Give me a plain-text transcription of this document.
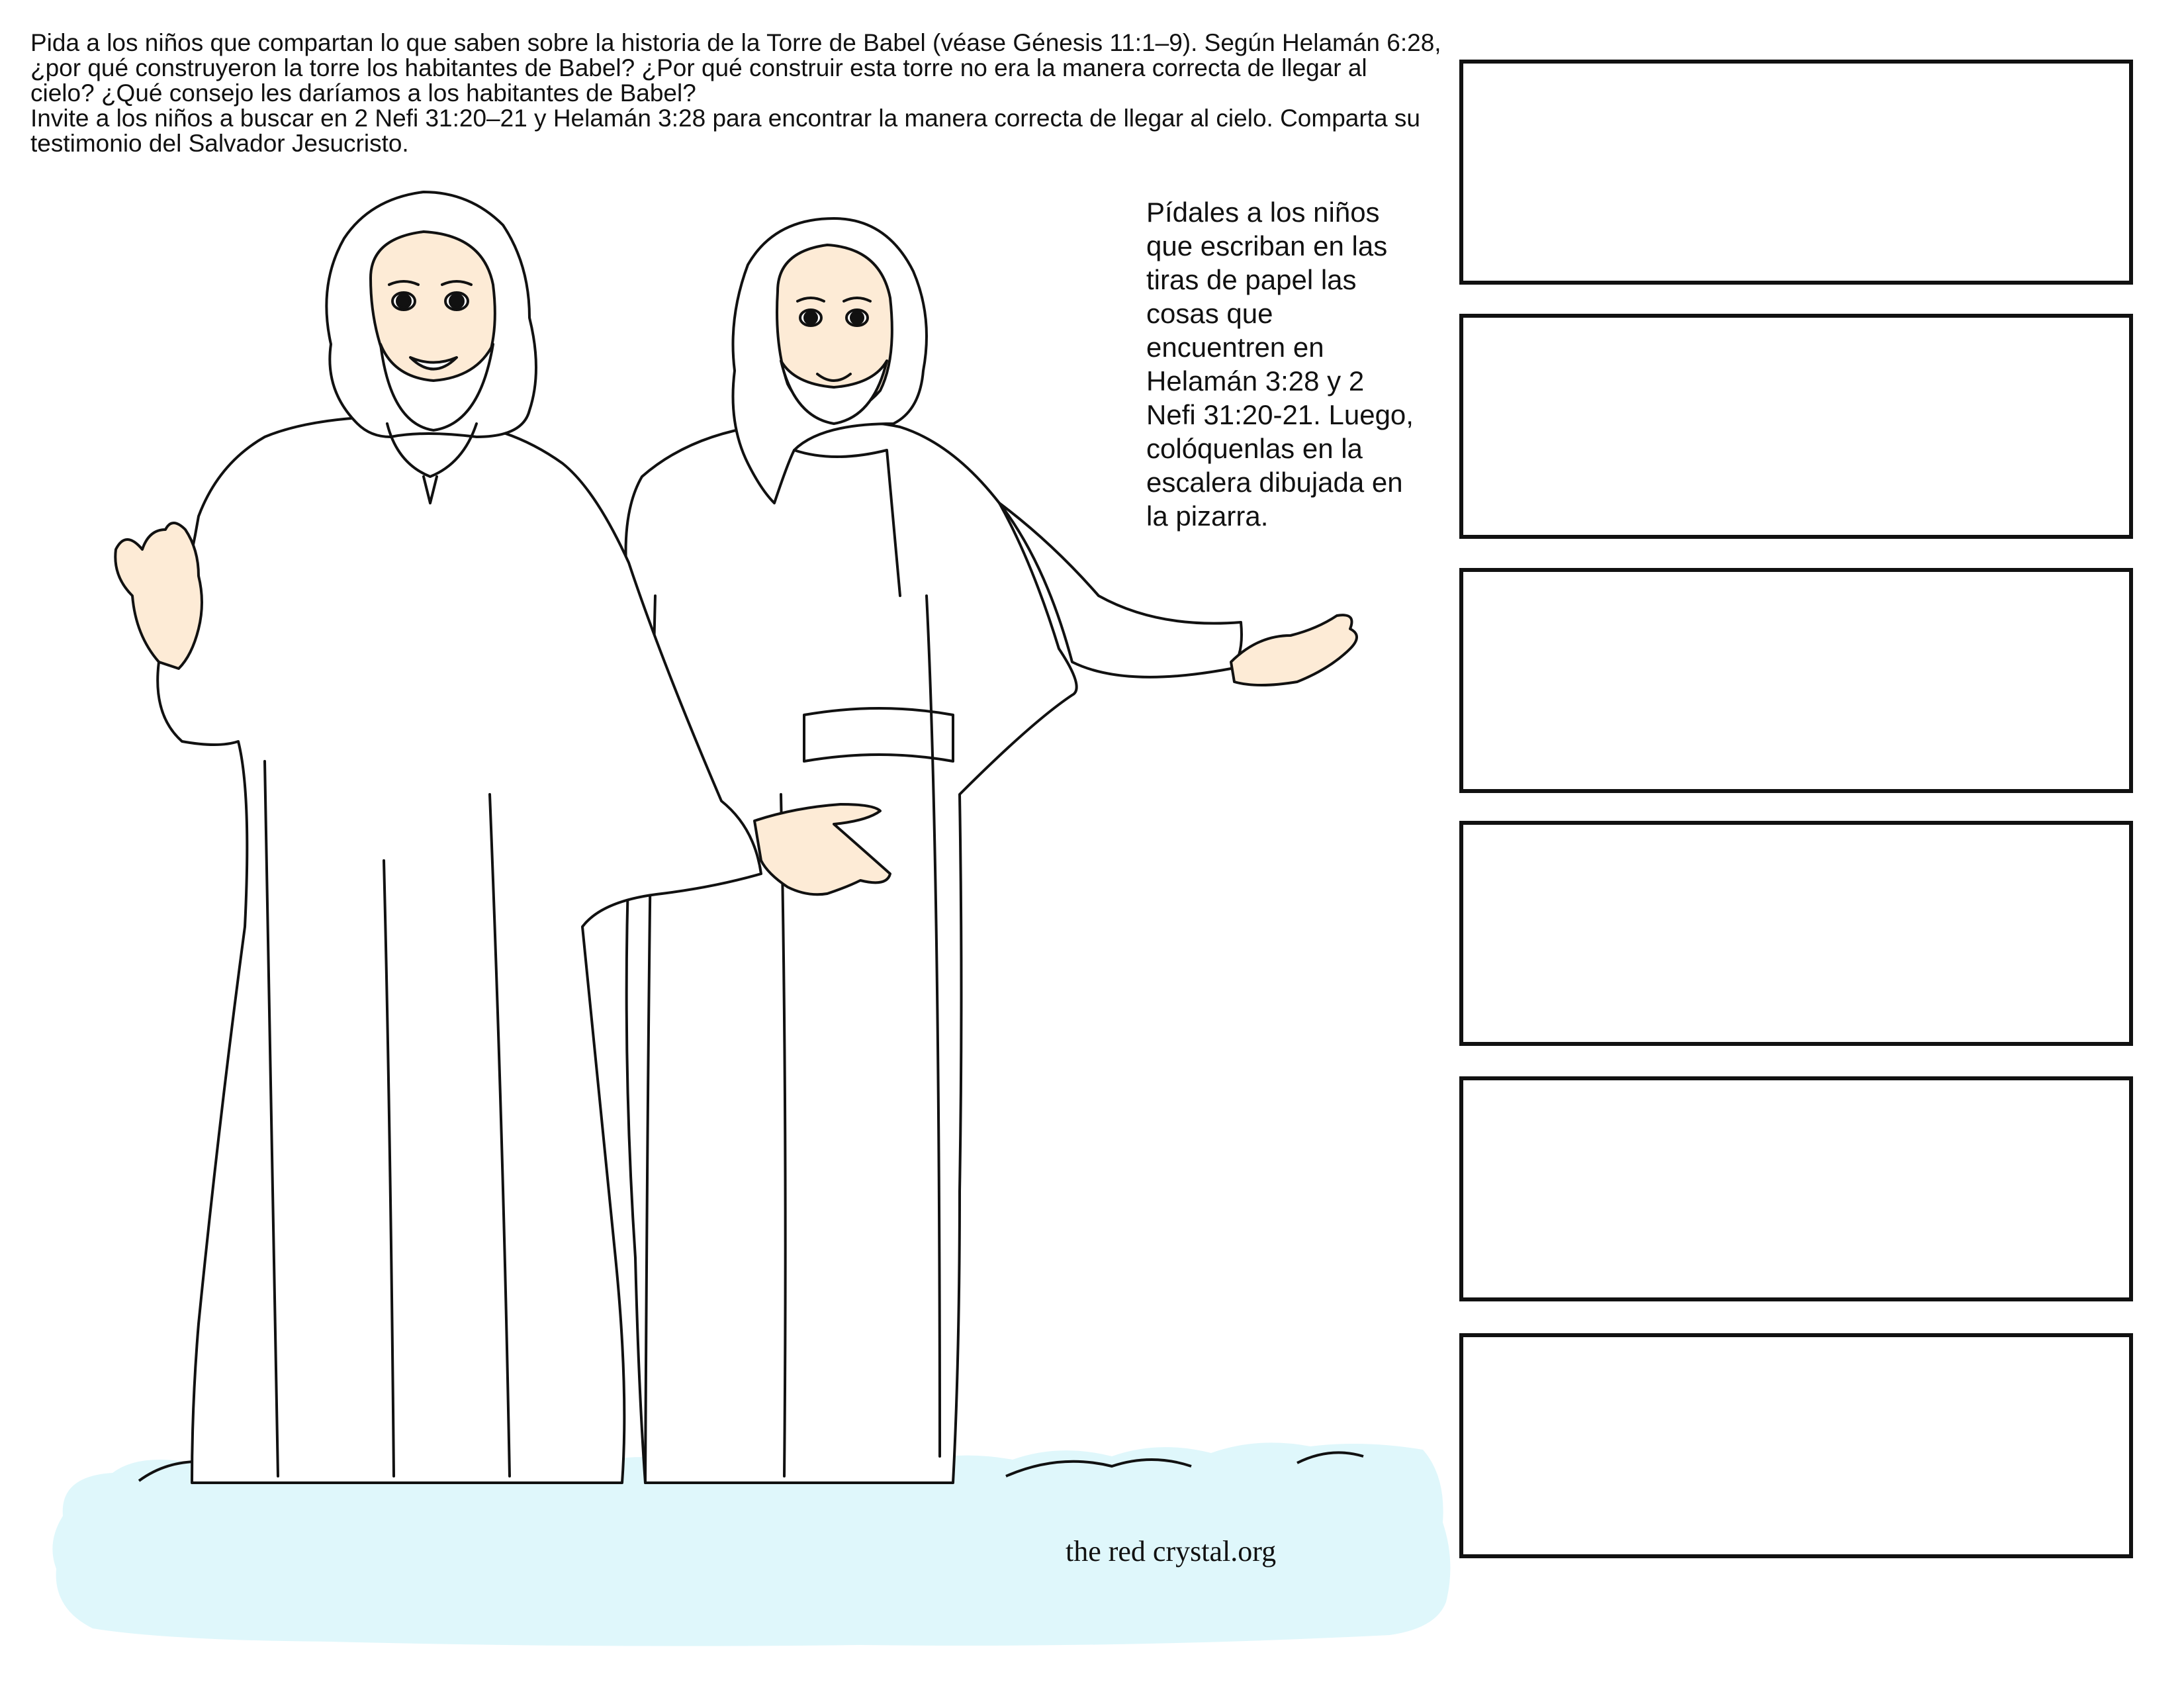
Pida a los niños que compartan lo que saben sobre la historia de la Torre de Babel (véase Génesis 11:1–9). Según Helamán 6:28,

¿por qué construyeron la torre los habitantes de Babel? ¿Por qué construir esta torre no era la manera correcta de llegar al

cielo? ¿Qué consejo les daríamos a los habitantes de Babel?

Invite a los niños a buscar en 2 Nefi 31:20–21 y Helamán 3:28 para encontrar la manera correcta de llegar al cielo. Comparta su

testimonio del Salvador Jesucristo.

Pídales a los niños
que escriban en las
tiras de papel las
cosas que
encuentren en
Helamán 3:28 y 2
Nefi 31:20-21. Luego,
colóquenlas en la
escalera dibujada en
la pizarra.
the red crystal.org
